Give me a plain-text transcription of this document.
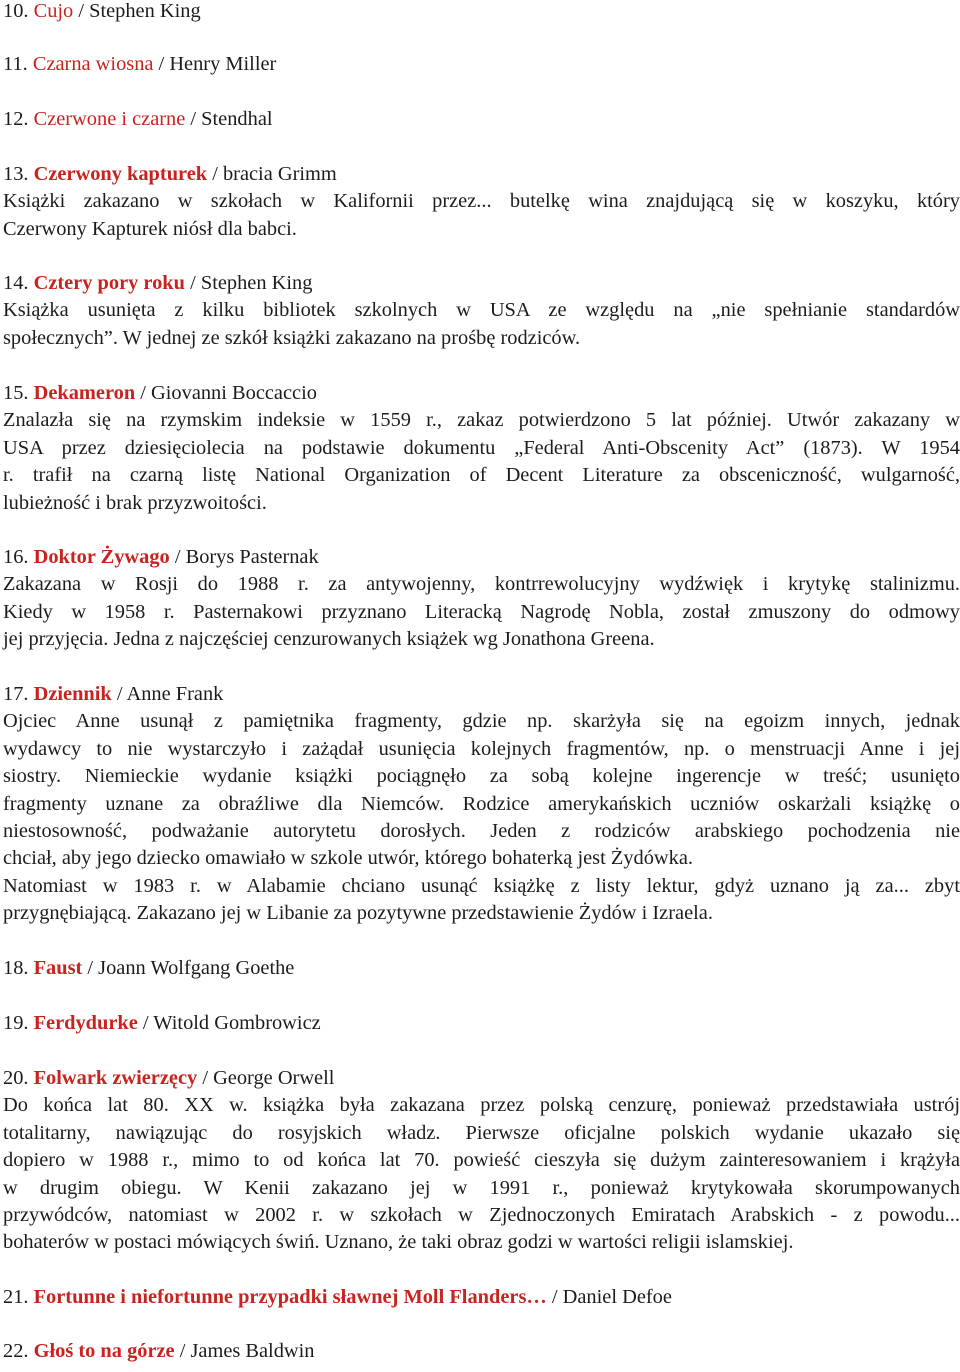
10. Cujo / Stephen King
11. Czarna wiosna / Henry Miller
12. Czerwone i czarne / Stendhal
13. Czerwony kapturek / bracia Grimm
Książki zakazano w szkołach w Kalifornii przez... butelkę wina znajdującą się w koszyku, który
Czerwony Kapturek niósł dla babci.
14. Cztery pory roku / Stephen King
Książka usunięta z kilku bibliotek szkolnych w USA ze względu na „nie spełnianie standardów
społecznych”. W jednej ze szkół książki zakazano na prośbę rodziców.
15. Dekameron / Giovanni Boccaccio
Znalazła się na rzymskim indeksie w 1559 r., zakaz potwierdzono 5 lat później. Utwór zakazany w
USA przez dziesięciolecia na podstawie dokumentu „Federal Anti-Obscenity Act” (1873). W 1954
r. trafił na czarną listę National Organization of Decent Literature za obsceniczność, wulgarność,
lubieżność i brak przyzwoitości.
16. Doktor Żywago / Borys Pasternak
Zakazana w Rosji do 1988 r. za antywojenny, kontrrewolucyjny wydźwięk i krytykę stalinizmu.
Kiedy w 1958 r. Pasternakowi przyznano Literacką Nagrodę Nobla, został zmuszony do odmowy
jej przyjęcia. Jedna z najczęściej cenzurowanych książek wg Jonathona Greena.
17. Dziennik / Anne Frank
Ojciec Anne usunął z pamiętnika fragmenty, gdzie np. skarżyła się na egoizm innych, jednak
wydawcy to nie wystarczyło i zażądał usunięcia kolejnych fragmentów, np. o menstruacji Anne i jej
siostry. Niemieckie wydanie książki pociągnęło za sobą kolejne ingerencje w treść; usunięto
fragmenty uznane za obraźliwe dla Niemców. Rodzice amerykańskich uczniów oskarżali książkę o
niestosowność, podważanie autorytetu dorosłych. Jeden z rodziców arabskiego pochodzenia nie
chciał, aby jego dziecko omawiało w szkole utwór, którego bohaterką jest Żydówka.
Natomiast w 1983 r. w Alabamie chciano usunąć książkę z listy lektur, gdyż uznano ją za... zbyt
przygnębiającą. Zakazano jej w Libanie za pozytywne przedstawienie Żydów i Izraela.
18. Faust / Joann Wolfgang Goethe
19. Ferdydurke / Witold Gombrowicz
20. Folwark zwierzęcy / George Orwell
Do końca lat 80. XX w. książka była zakazana przez polską cenzurę, ponieważ przedstawiała ustrój
totalitarny, nawiązując do rosyjskich władz. Pierwsze oficjalne polskich wydanie ukazało się
dopiero w 1988 r., mimo to od końca lat 70. powieść cieszyła się dużym zainteresowaniem i krążyła
w drugim obiegu. W Kenii zakazano jej w 1991 r., ponieważ krytykowała skorumpowanych
przywódców, natomiast w 2002 r. w szkołach w Zjednoczonych Emiratach Arabskich - z powodu...
bohaterów w postaci mówiących świń. Uznano, że taki obraz godzi w wartości religii islamskiej.
21. Fortunne i niefortunne przypadki sławnej Moll Flanders… / Daniel Defoe
22. Głoś to na górze / James Baldwin
